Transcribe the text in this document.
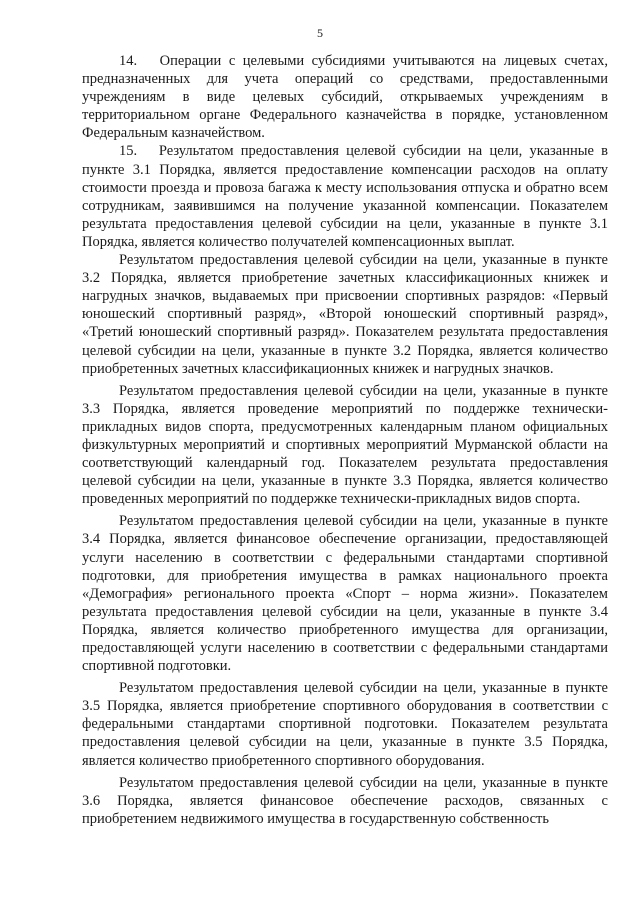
5

14.   Операции с целевыми субсидиями учитываются на лицевых счетах, предназначенных для учета операций со средствами, предоставленными учреждениям в виде целевых субсидий, открываемых учреждениям в территориальном органе Федерального казначейства в порядке, установленном Федеральным казначейством.

15.   Результатом предоставления целевой субсидии на цели, указанные в пункте 3.1 Порядка, является предоставление компенсации расходов на оплату стоимости проезда и провоза багажа к месту использования отпуска и обратно всем сотрудникам, заявившимся на получение указанной компенсации. Показателем результата предоставления целевой субсидии на цели, указанные в пункте 3.1 Порядка, является количество получателей компенсационных выплат.

Результатом предоставления целевой субсидии на цели, указанные в пункте 3.2 Порядка, является приобретение зачетных классификационных книжек и нагрудных значков, выдаваемых при присвоении спортивных разрядов: «Первый юношеский спортивный разряд», «Второй юношеский спортивный разряд», «Третий юношеский спортивный разряд». Показателем результата предоставления целевой субсидии на цели, указанные в пункте 3.2 Порядка, является количество приобретенных зачетных классификационных книжек и нагрудных значков.

Результатом предоставления целевой субсидии на цели, указанные в пункте 3.3 Порядка, является проведение мероприятий по поддержке технически-прикладных видов спорта, предусмотренных календарным планом официальных физкультурных мероприятий и спортивных мероприятий Мурманской области на соответствующий календарный год. Показателем результата предоставления целевой субсидии на цели, указанные в пункте 3.3 Порядка, является количество проведенных мероприятий по поддержке технически-прикладных видов спорта.

Результатом предоставления целевой субсидии на цели, указанные в пункте 3.4 Порядка, является финансовое обеспечение организации, предоставляющей услуги населению в соответствии с федеральными стандартами спортивной подготовки, для приобретения имущества в рамках национального проекта «Демография» регионального проекта «Спорт – норма жизни». Показателем результата предоставления целевой субсидии на цели, указанные в пункте 3.4 Порядка, является количество приобретенного имущества для организации, предоставляющей услуги населению в соответствии с федеральными стандартами спортивной подготовки.

Результатом предоставления целевой субсидии на цели, указанные в пункте 3.5 Порядка, является приобретение спортивного оборудования в соответствии с федеральными стандартами спортивной подготовки. Показателем результата предоставления целевой субсидии на цели, указанные в пункте 3.5 Порядка, является количество приобретенного спортивного оборудования.

Результатом предоставления целевой субсидии на цели, указанные в пункте 3.6 Порядка, является финансовое обеспечение расходов, связанных с приобретением недвижимого имущества в государственную собственность
